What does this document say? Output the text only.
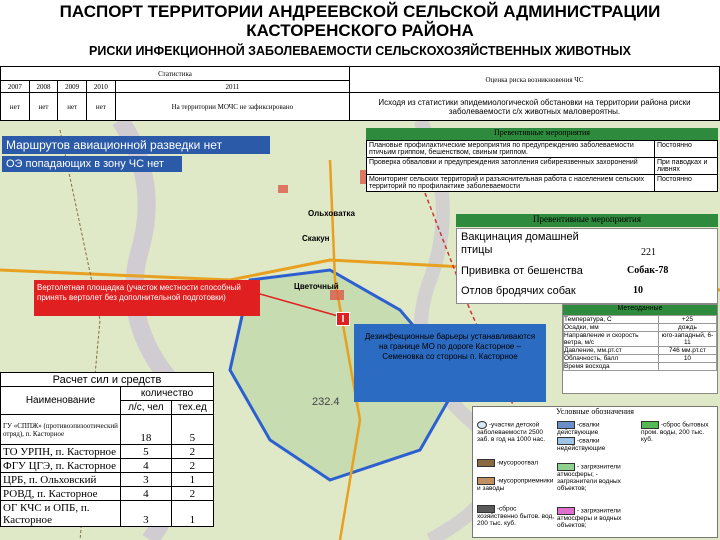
Ольховатка
Скакун
Цветочный
232.4
ПАСПОРТ ТЕРРИТОРИИ АНДРЕЕВСКОЙ СЕЛЬСКОЙ АДМИНИСТРАЦИИ
КАСТОРЕНСКОГО РАЙОНА
РИСКИ ИНФЕКЦИОННОЙ ЗАБОЛЕВАЕМОСТИ СЕЛЬСКОХОЗЯЙСТВЕННЫХ ЖИВОТНЫХ
Статистика					Оценка риска возникновения ЧС
2007	2008	2009	2010	2011	
нет	нет	нет	нет	На территории МОЧС не зафиксировано	Исходя из статистики эпидемиологической обстановки на территории района риски заболеваемости с/х животных маловероятны.
Маршрутов авиационной разведки нет
ОЭ попадающих в зону ЧС нет
Превентивные мероприятия
Плановые профилактические мероприятия по предупреждению заболеваемости птичьим гриппом, бешенством, свиным гриппом.	Постоянно
Проверка обваловки и предупреждения затопления сибиреязвенных захоронений	При паводках и ливнях
Мониторинг сельских территорий и разъяснительная работа с населением сельских территорий по профилактике заболеваемости	Постоянно
Превентивные мероприятия
Вакцинация домашней птицы	221
Прививка от бешенства	Собак-78
Отлов бродячих собак	10
Вертолетная площадка (участок местности способный принять вертолет без дополнительной подготовки)
I
Дезинфекционные барьеры устанавливаются на границе МО по дороге Касторное – Семеновка со стороны п. Касторное
Метеоданные
Температура, С	+25
Осадки, мм	дождь
Направление и скорость ветра, м/с	юго-западный, 6-11
Давление, мм.рт.ст	746 мм.рт.ст
Облачность, балл	10
Время восхода	
Расчет сил и средств		
Наименование	количество	
	л/с, чел	тех.ед
ГУ «СППЖ» (противоэпизоотический отряд), п. Касторное	18	5
ТО УРПН, п. Касторное	5	2
ФГУ ЦГЭ, п. Касторное	4	2
ЦРБ, п. Ольховский	3	1
РОВД, п. Касторное	4	2
ОГ КЧС и ОПБ, п. Касторное	3	1
Условные обозначения
-участки детской заболеваемости 2500 заб. в год на 1000 нас.
-свалки действующие
-свалки недействующие
-сброс бытовых пром. воды, 200 тыс. куб.
-мусороотвал
-мусороприемники и заводы
- загрязнители атмосферы; - загрязнители водных объектов;
-сброс хозяйственно бытов. вод, 200 тыс. куб.
- загрязнители атмосферы и водных объектов;
